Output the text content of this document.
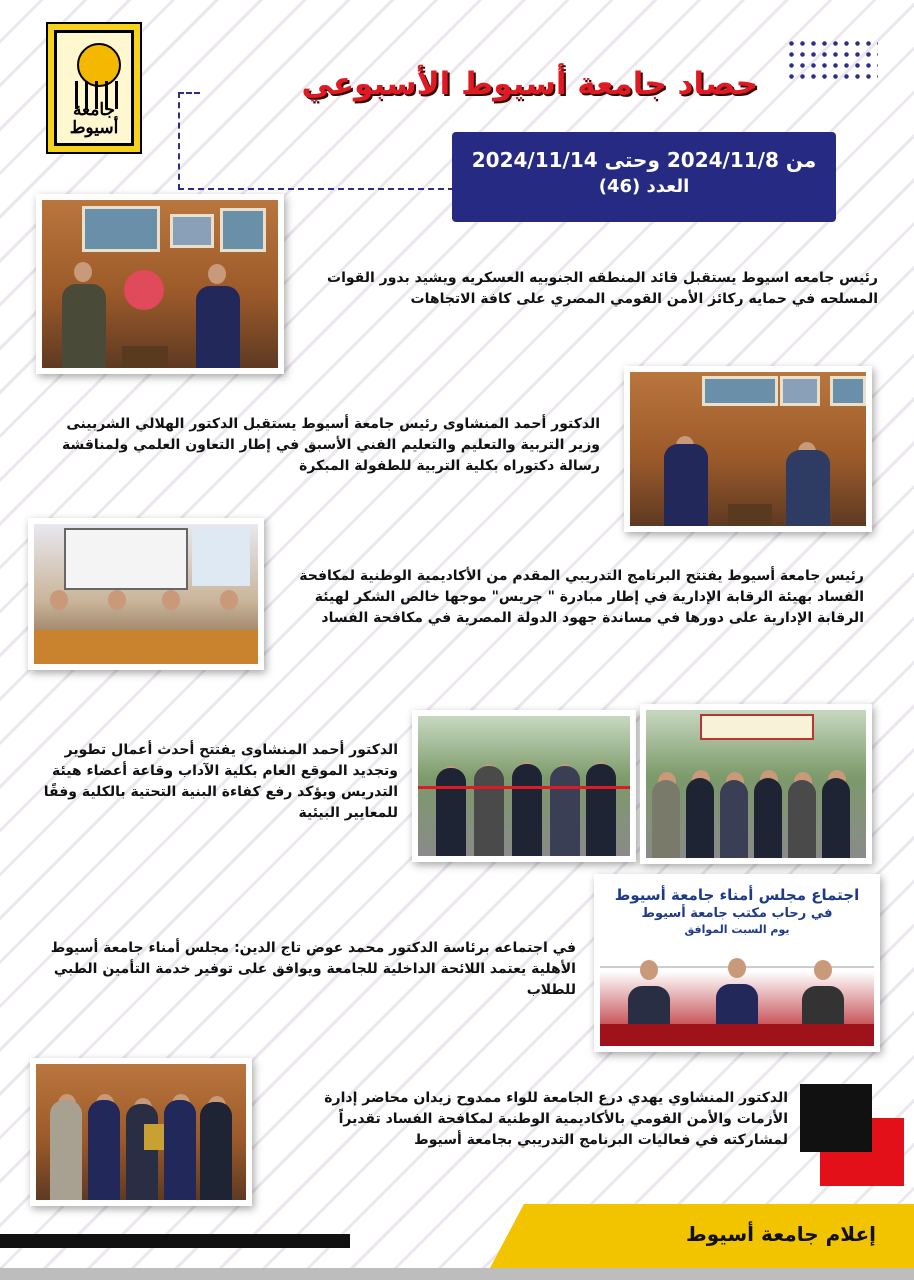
جامعة أسيوط
حصاد جامعة أسيوط الأسبوعي
من 2024/11/8 وحتى 2024/11/14
العدد (46)
رئيس جامعه اسيوط يستقبل قائد المنطقه الجنوبيه العسكريه ويشيد بدور القوات المسلحه في حمايه ركائز الأمن القومي المصري على كافة الاتجاهات
الدكتور أحمد المنشاوى رئيس جامعة أسيوط يستقبل الدكتور الهلالي الشربينى وزير التربية والتعليم والتعليم الفني الأسبق في إطار التعاون العلمي ولمناقشة رسالة دكتوراه بكلية التربية للطفولة المبكرة
رئيس جامعة أسيوط يفتتح البرنامج التدريبي المقدم من الأكاديمية الوطنية لمكافحة الفساد بهيئة الرقابة الإدارية في إطار مبادرة " جريس" موجها خالص الشكر لهيئة الرقابة الإدارية على دورها في مساندة جهود الدولة المصرية في مكافحة الفساد
الدكتور أحمد المنشاوى يفتتح أحدث أعمال تطوير وتجديد الموقع العام بكلية الآداب وقاعة أعضاء هيئة التدريس ويؤكد رفع كفاءة البنية التحتية بالكلية وفقًا للمعايير البيئية
اجتماع مجلس أمناء جامعة أسيوط
في رحاب مكتب جامعة أسيوط
يوم السبت الموافق
في اجتماعه برئاسة الدكتور محمد عوض تاج الدين: مجلس أمناء جامعة أسيوط الأهلية يعتمد اللائحة الداخلية للجامعة ويوافق على توفير خدمة التأمين الطبي للطلاب
الدكتور المنشاوي يهدي درع الجامعة للواء ممدوح زيدان محاضر إدارة الأزمات والأمن القومي بالأكاديمية الوطنية لمكافحة الفساد تقديراً لمشاركته في فعاليات البرنامج التدريبي بجامعة أسيوط
إعلام جامعة أسيوط
